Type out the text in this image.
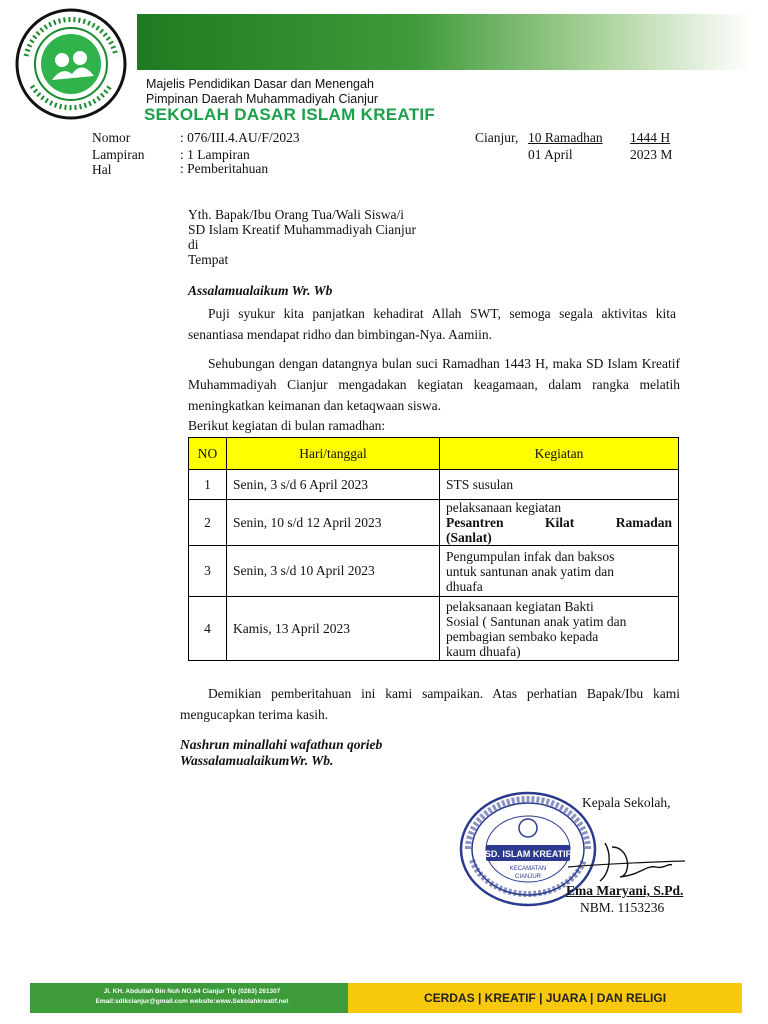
Majelis Pendidikan Dasar dan Menengah
Pimpinan Daerah Muhammadiyah Cianjur
SEKOLAH DASAR ISLAM KREATIF
Nomor	: 076/III.4.AU/F/2023
Lampiran	: 1 Lampiran
Hal	: Pemberitahuan
Cianjur, 10 Ramadhan 1444 H
01 April	2023 M
Yth. Bapak/Ibu Orang Tua/Wali Siswa/i
SD Islam Kreatif Muhammadiyah Cianjur
di
Tempat
Assalamualaikum Wr. Wb
Puji syukur kita panjatkan kehadirat Allah SWT, semoga segala aktivitas kita senantiasa mendapat ridho dan bimbingan-Nya. Aamiin.
Sehubungan dengan datangnya bulan suci Ramadhan 1443 H, maka SD Islam Kreatif Muhammadiyah Cianjur mengadakan kegiatan keagamaan, dalam rangka melatih meningkatkan keimanan dan ketaqwaan siswa.
Berikut kegiatan di bulan ramadhan:
NO	Hari/tanggal	Kegiatan
1	Senin, 3 s/d 6 April 2023	STS susulan

2	Senin, 10 s/d 12 April 2023	pelaksanaan kegiatan
Pesantren Kilat Ramadan
(Sanlat)

3	Senin, 3 s/d 10 April 2023	Pengumpulan infak dan baksos
untuk santunan anak yatim dan
dhuafa

4	Kamis, 13 April 2023	pelaksanaan kegiatan Bakti
Sosial ( Santunan anak yatim dan
pembagian sembako kepada
kaum dhuafa)
Demikian pemberitahuan ini kami sampaikan. Atas perhatian Bapak/Ibu kami mengucapkan terima kasih.
Nashrun minallahi wafathun qorieb
WassalamualaikumWr. Wb.
Kepala Sekolah,
SD. ISLAM KREATIF
KECAMATAN
CIANJUR
Ema Maryani, S.Pd.
NBM. 1153236
Jl. KH. Abdullah Bin Nuh NO.64 Cianjur Tlp (0263) 261307
Email:sdikcianjur@gmail.com website:www.Sekolahkreatif.net	CERDAS | KREATIF | JUARA | DAN RELIGI
